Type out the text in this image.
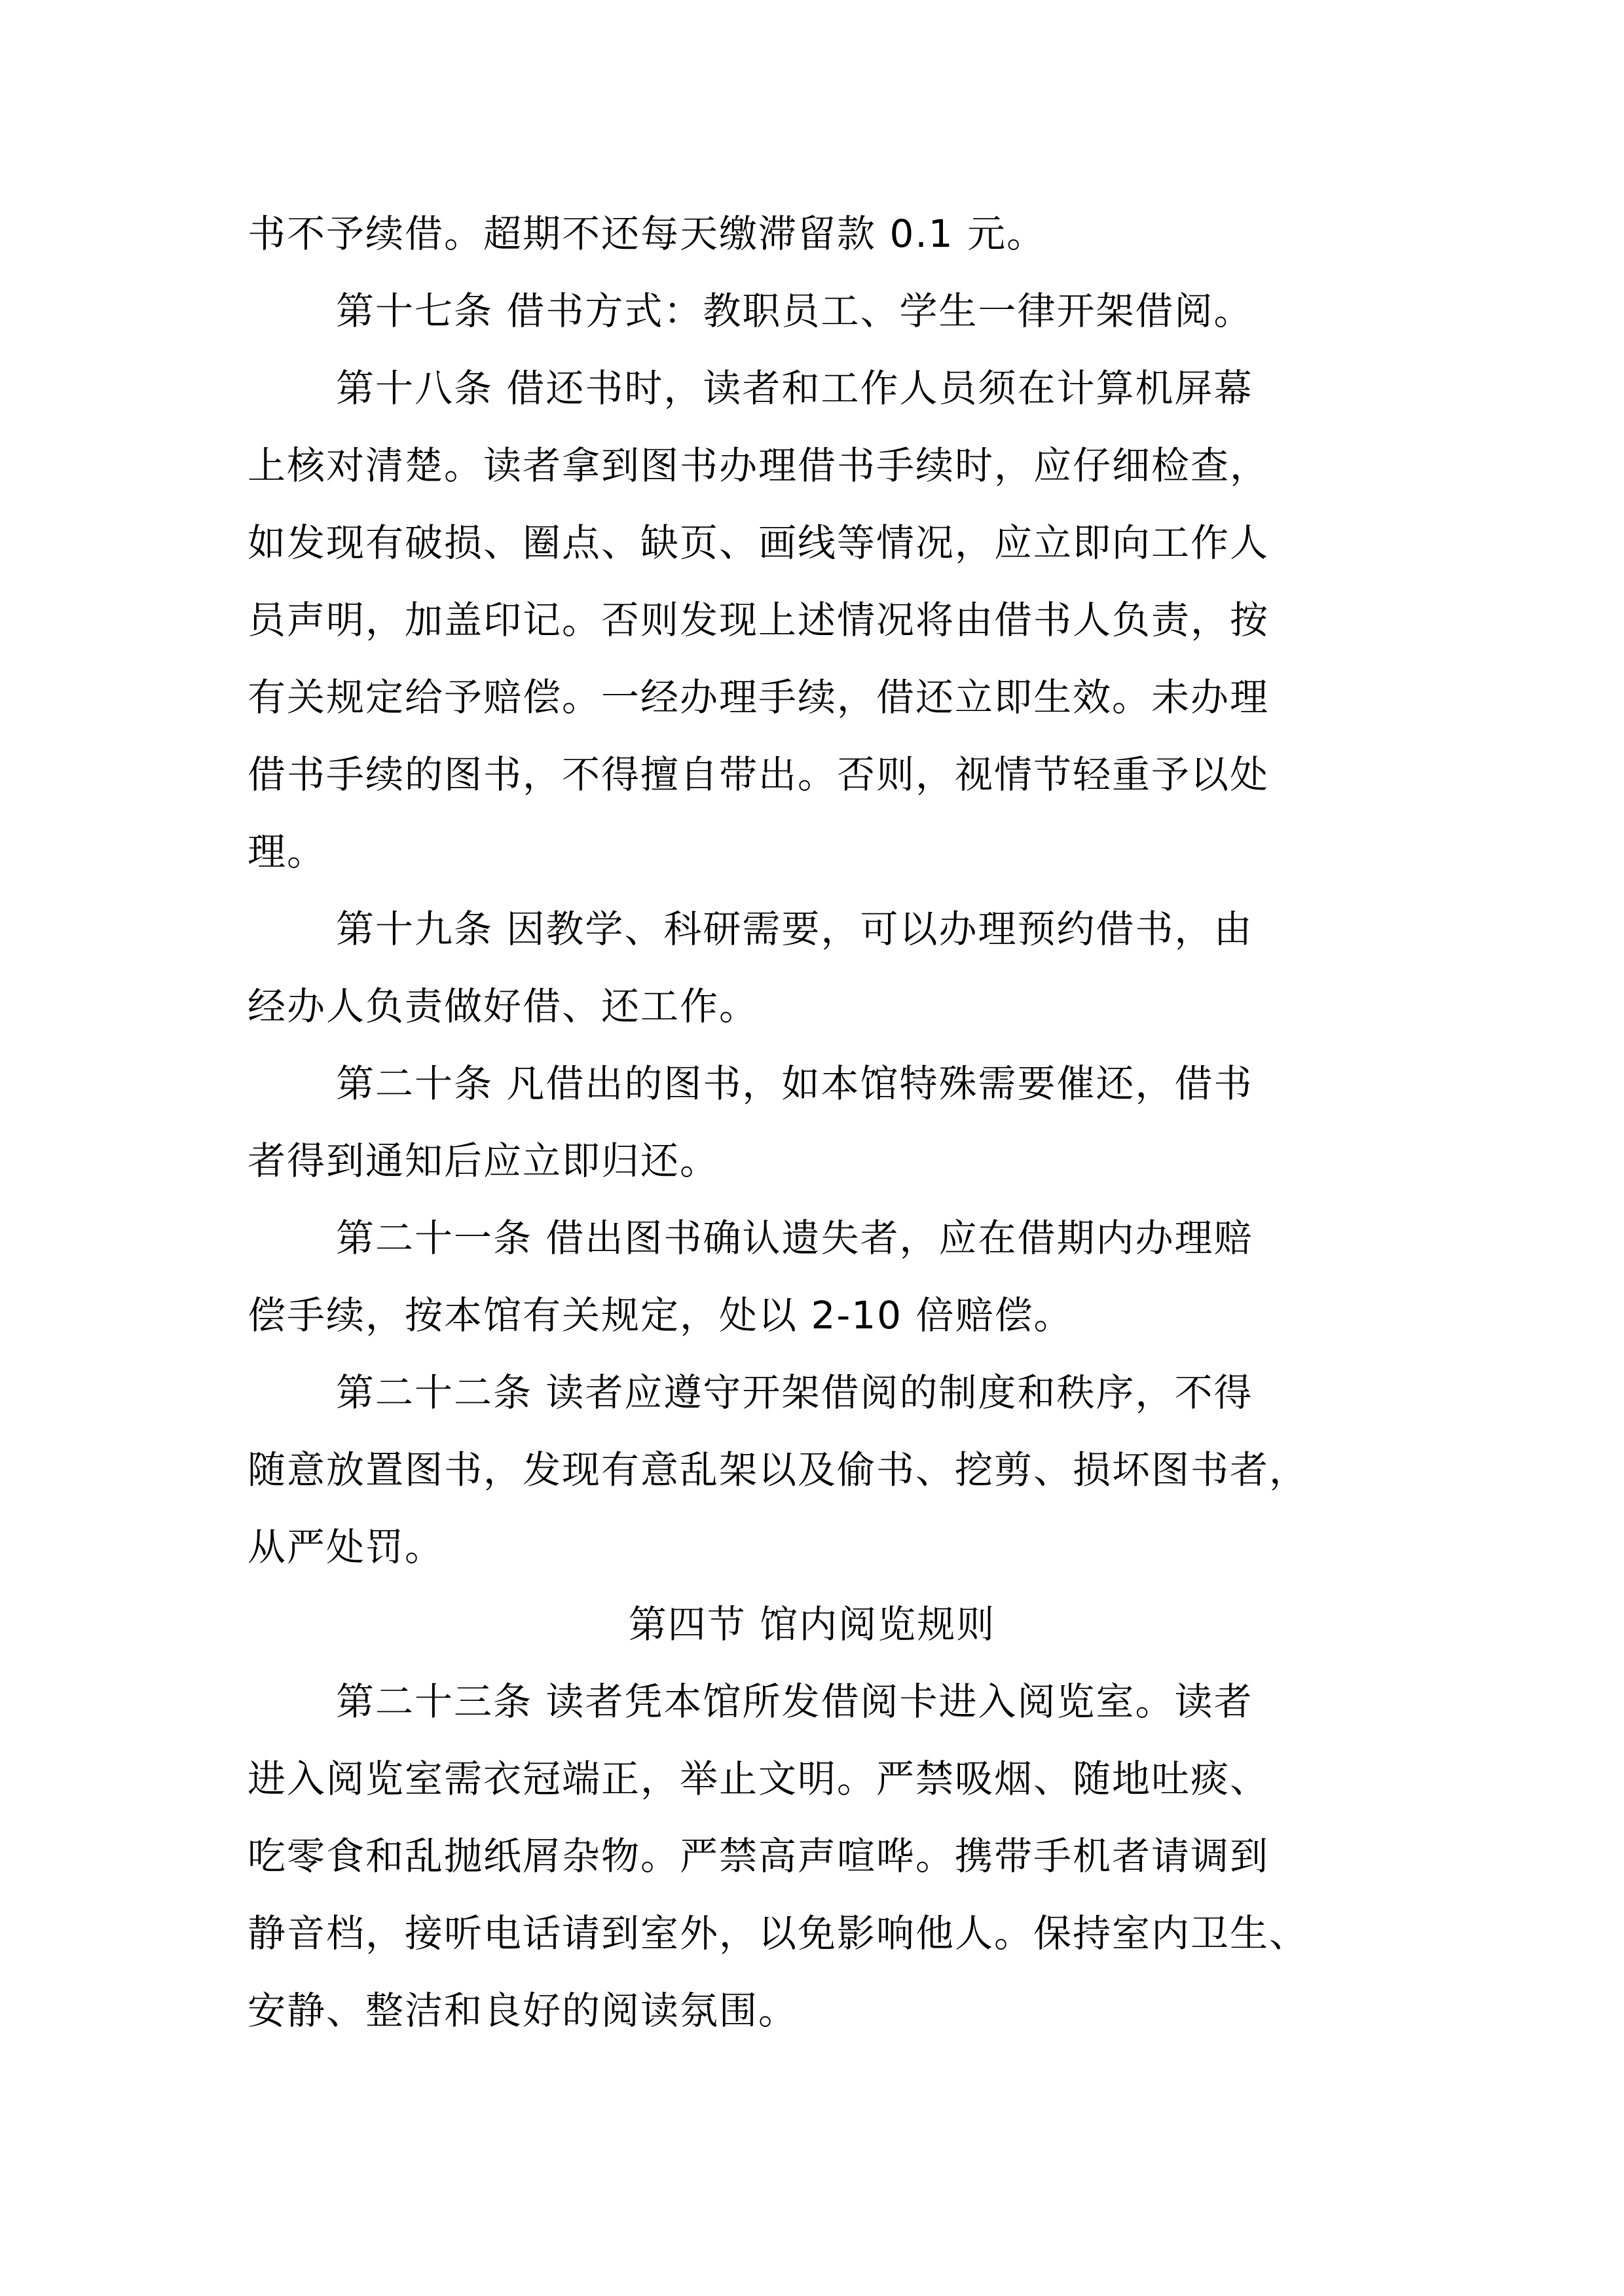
书不予续借。超期不还每天缴滞留款 0.1 元。
第十七条 借书方式：教职员工、学生一律开架借阅。
第十八条 借还书时，读者和工作人员须在计算机屏幕
上核对清楚。读者拿到图书办理借书手续时，应仔细检查，
如发现有破损、圈点、缺页、画线等情况，应立即向工作人
员声明，加盖印记。否则发现上述情况将由借书人负责，按
有关规定给予赔偿。一经办理手续，借还立即生效。未办理
借书手续的图书，不得擅自带出。否则，视情节轻重予以处
理。
第十九条 因教学、科研需要，可以办理预约借书，由
经办人负责做好借、还工作。
第二十条 凡借出的图书，如本馆特殊需要催还，借书
者得到通知后应立即归还。
第二十一条 借出图书确认遗失者，应在借期内办理赔
偿手续，按本馆有关规定，处以 2-10 倍赔偿。
第二十二条 读者应遵守开架借阅的制度和秩序，不得
随意放置图书，发现有意乱架以及偷书、挖剪、损坏图书者，
从严处罚。
第四节 馆内阅览规则
第二十三条 读者凭本馆所发借阅卡进入阅览室。读者
进入阅览室需衣冠端正，举止文明。严禁吸烟、随地吐痰、
吃零食和乱抛纸屑杂物。严禁高声喧哗。携带手机者请调到
静音档，接听电话请到室外，以免影响他人。保持室内卫生、
安静、整洁和良好的阅读氛围。
